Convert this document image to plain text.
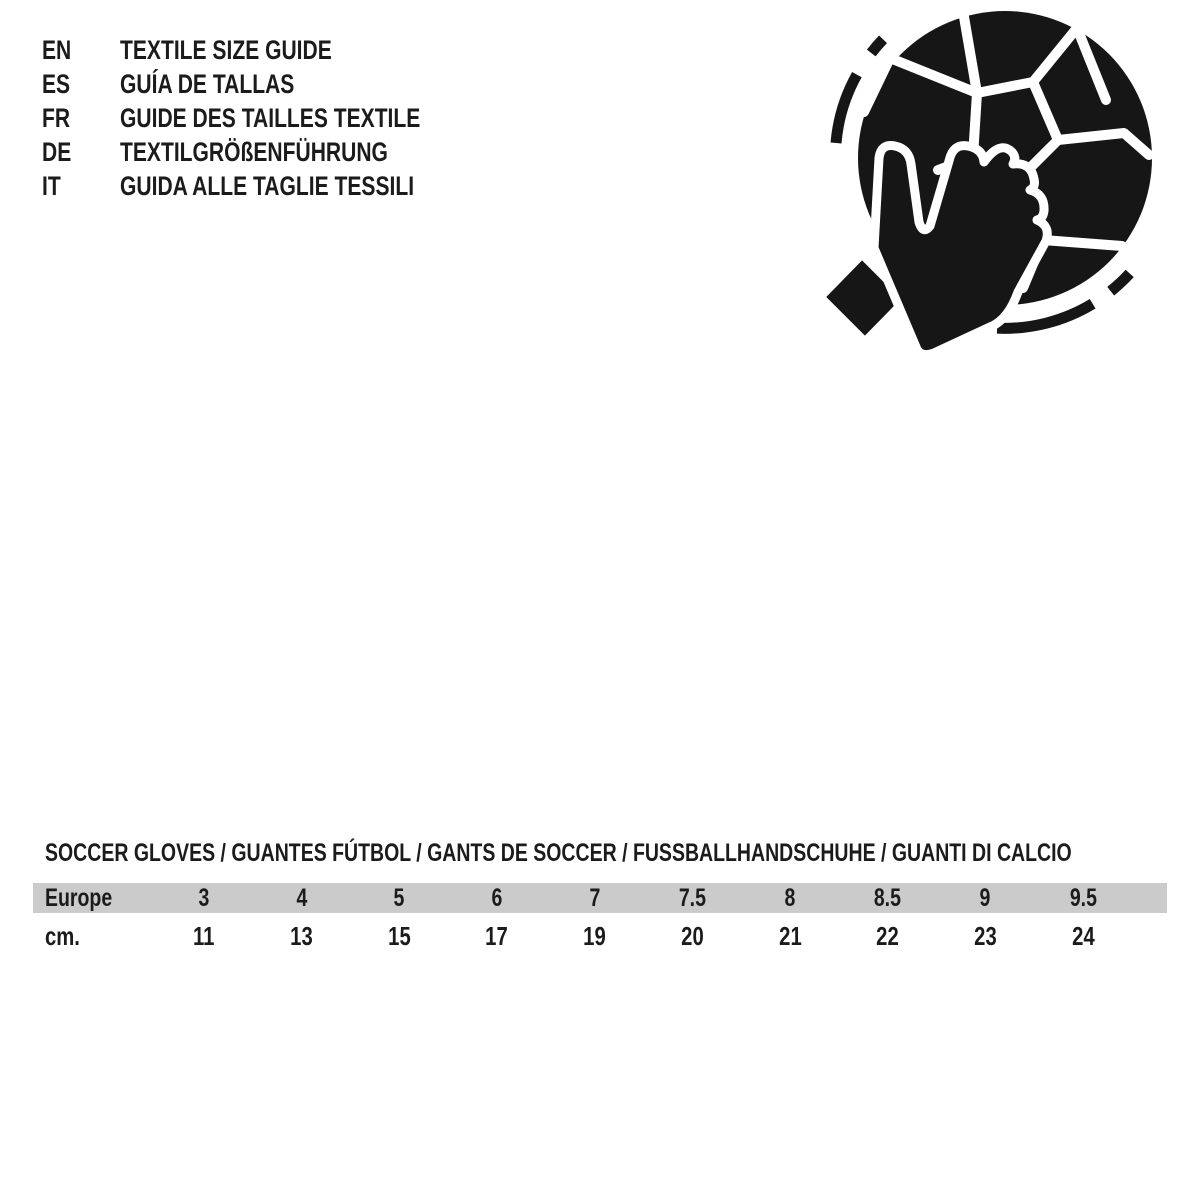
EN	TEXTILE SIZE GUIDE
ES	GUÍA DE TALLAS
FR	GUIDE DES TAILLES TEXTILE
DE	TEXTILGRÖßENFÜHRUNG
IT	GUIDA ALLE TAGLIE TESSILI
SOCCER GLOVES / GUANTES FÚTBOL / GANTS DE SOCCER / FUSSBALLHANDSCHUHE / GUANTI DI CALCIO
Europe	3	4	5	6	7	7.5	8	8.5	9	9.5
cm.	11	13	15	17	19	20	21	22	23	24
